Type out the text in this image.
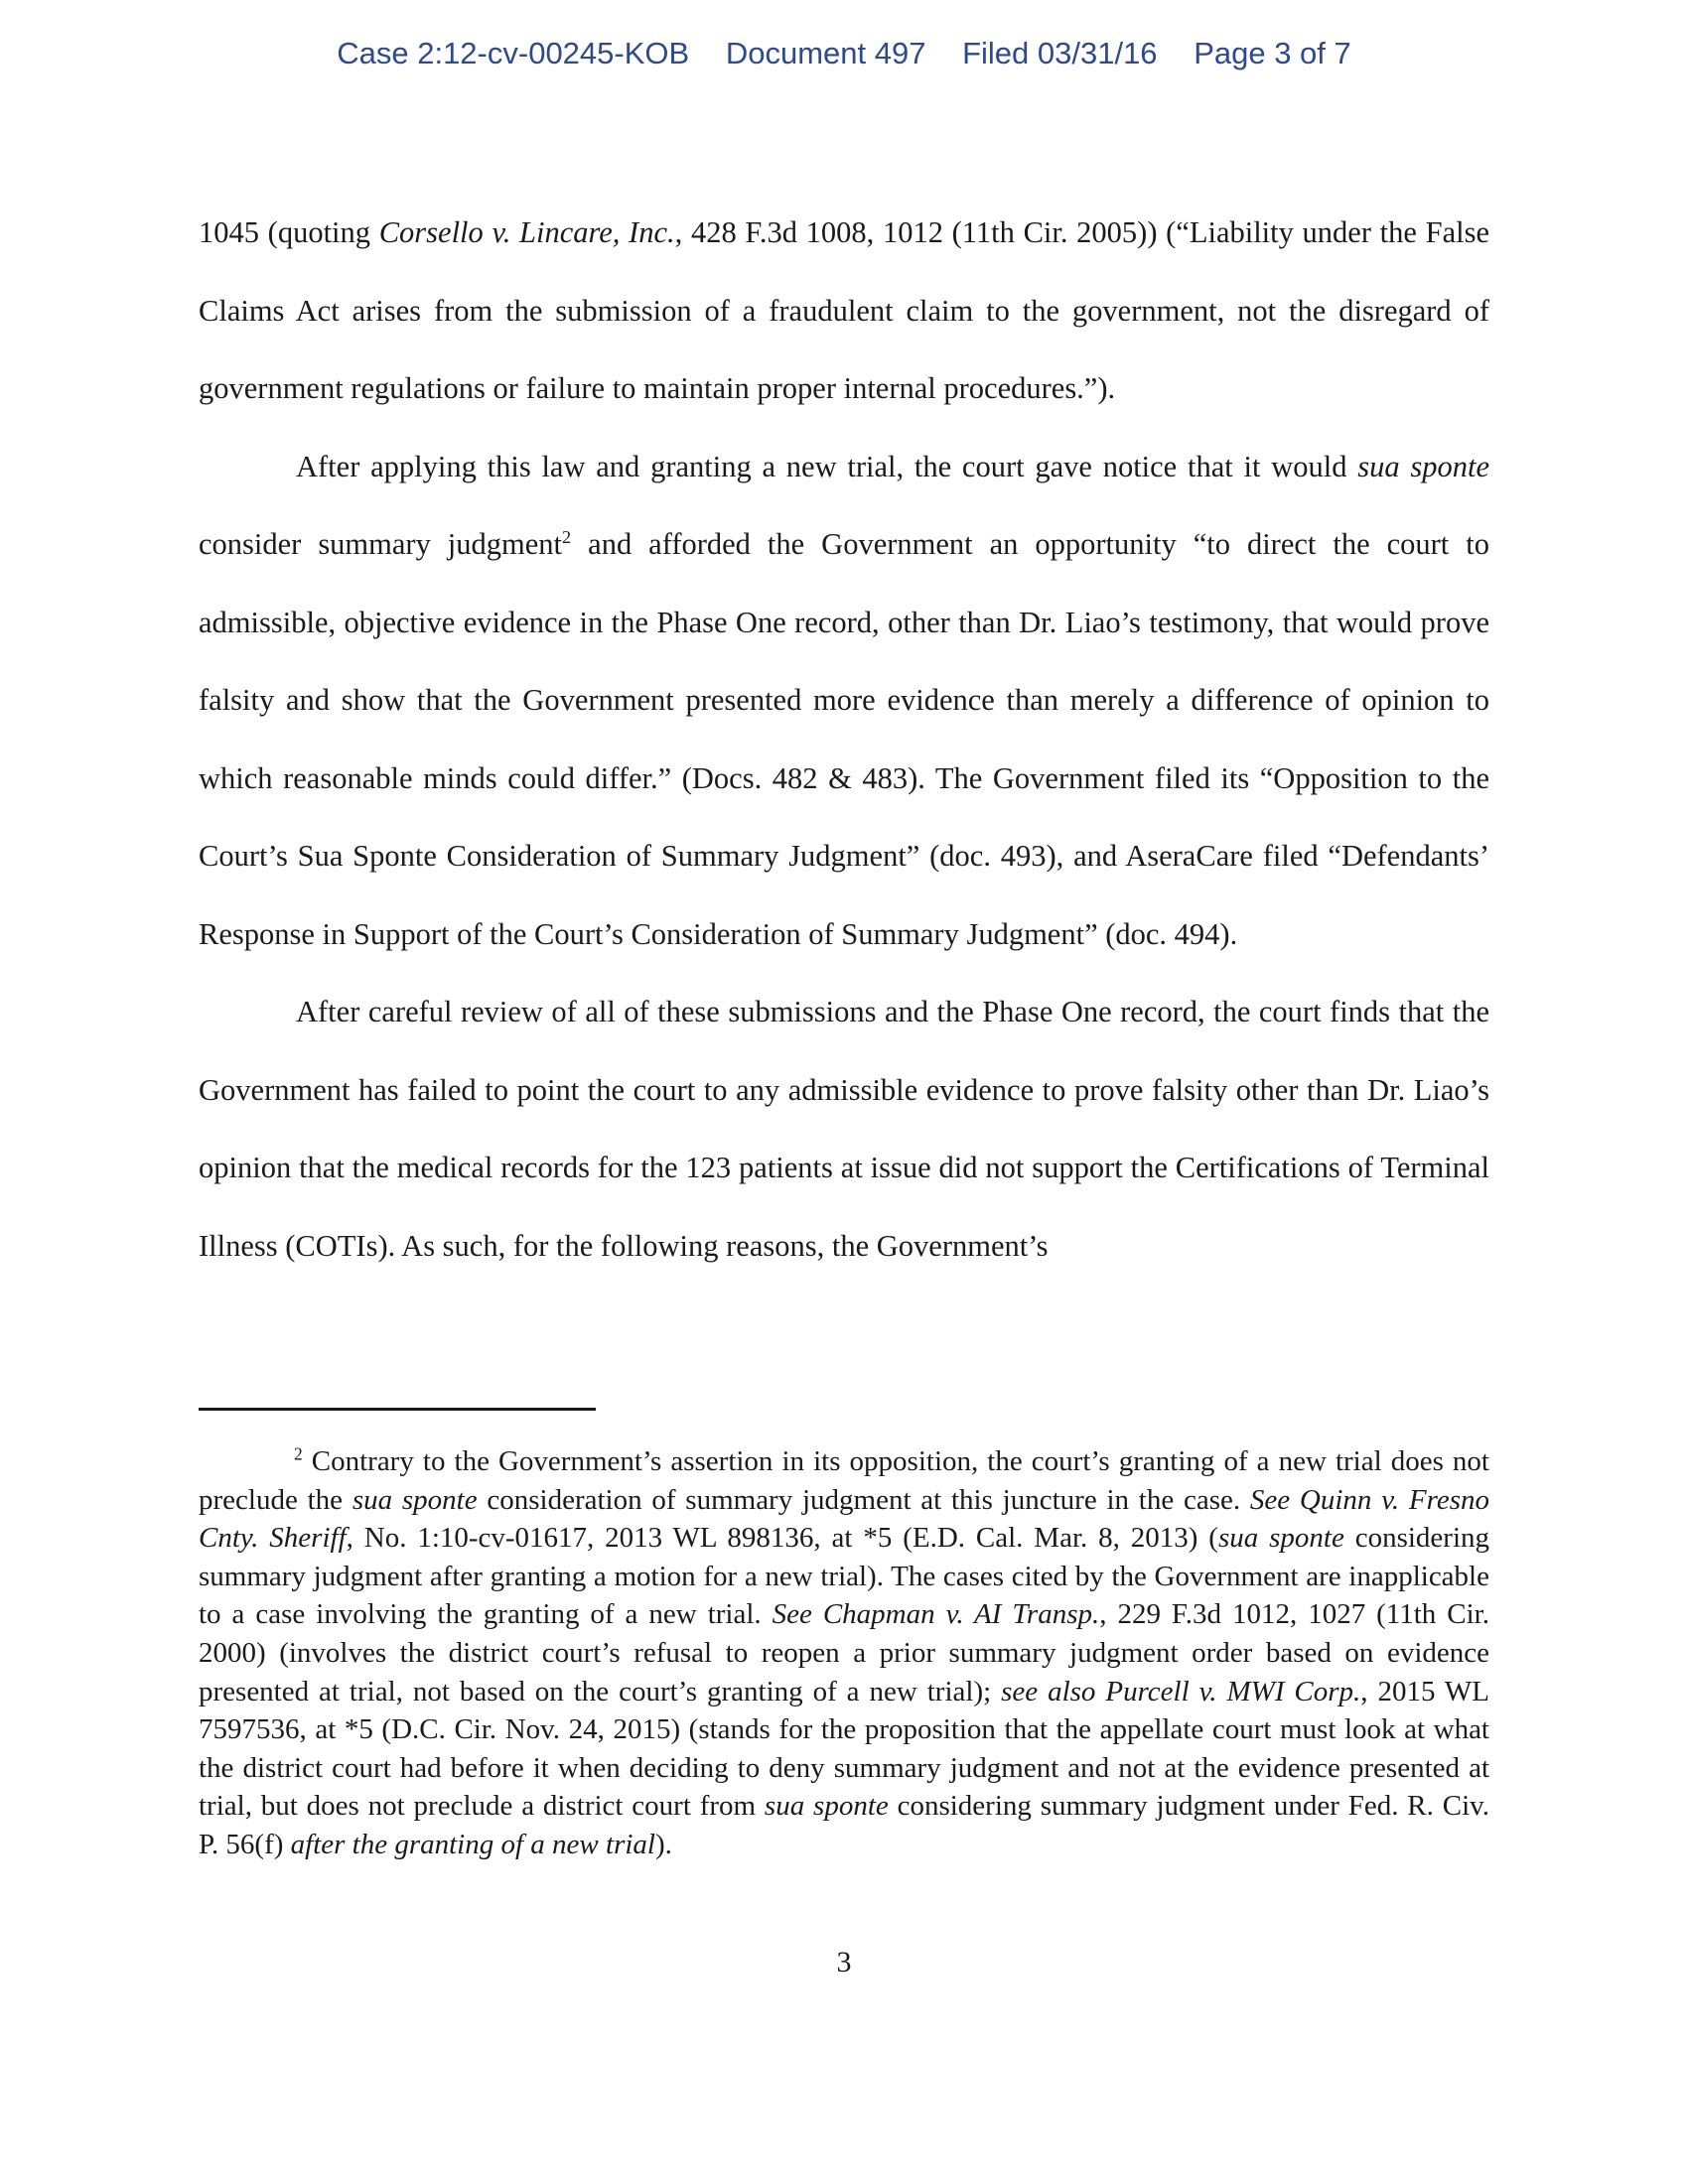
Case 2:12-cv-00245-KOB Document 497 Filed 03/31/16 Page 3 of 7

1045 (quoting Corsello v. Lincare, Inc., 428 F.3d 1008, 1012 (11th Cir. 2005)) (“Liability under the False Claims Act arises from the submission of a fraudulent claim to the government, not the disregard of government regulations or failure to maintain proper internal procedures.”).

After applying this law and granting a new trial, the court gave notice that it would sua sponte consider summary judgment$^2$ and afforded the Government an opportunity “to direct the court to admissible, objective evidence in the Phase One record, other than Dr. Liao’s testimony, that would prove falsity and show that the Government presented more evidence than merely a difference of opinion to which reasonable minds could differ.” (Docs. 482 & 483). The Government filed its “Opposition to the Court’s Sua Sponte Consideration of Summary Judgment” (doc. 493), and AseraCare filed “Defendants’ Response in Support of the Court’s Consideration of Summary Judgment” (doc. 494).

After careful review of all of these submissions and the Phase One record, the court finds that the Government has failed to point the court to any admissible evidence to prove falsity other than Dr. Liao’s opinion that the medical records for the 123 patients at issue did not support the Certifications of Terminal Illness (COTIs). As such, for the following reasons, the Government’s

$^2$ Contrary to the Government’s assertion in its opposition, the court’s granting of a new trial does not preclude the sua sponte consideration of summary judgment at this juncture in the case. See Quinn v. Fresno Cnty. Sheriff, No. 1:10-cv-01617, 2013 WL 898136, at *5 (E.D. Cal. Mar. 8, 2013) (sua sponte considering summary judgment after granting a motion for a new trial). The cases cited by the Government are inapplicable to a case involving the granting of a new trial. See Chapman v. AI Transp., 229 F.3d 1012, 1027 (11th Cir. 2000) (involves the district court’s refusal to reopen a prior summary judgment order based on evidence presented at trial, not based on the court’s granting of a new trial); see also Purcell v. MWI Corp., 2015 WL 7597536, at *5 (D.C. Cir. Nov. 24, 2015) (stands for the proposition that the appellate court must look at what the district court had before it when deciding to deny summary judgment and not at the evidence presented at trial, but does not preclude a district court from sua sponte considering summary judgment under Fed. R. Civ. P. 56(f) after the granting of a new trial).
3
